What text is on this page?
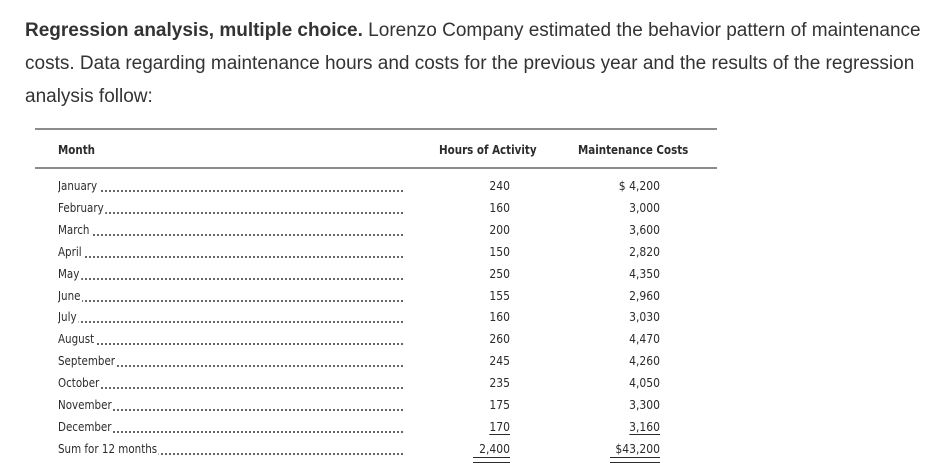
Regression analysis, multiple choice. Lorenzo Company estimated the behavior pattern of maintenance costs. Data regarding maintenance hours and costs for the previous year and the results of the regression analysis follow:
Month	Hours of Activity	Maintenance Costs
January	240	$ 4,200
February	160	3,000
March	200	3,600
April	150	2,820
May	250	4,350
June	155	2,960
July	160	3,030
August	260	4,470
September	245	4,260
October	235	4,050
November	175	3,300
December	170	3,160
Sum for 12 months	2,400	$43,200
